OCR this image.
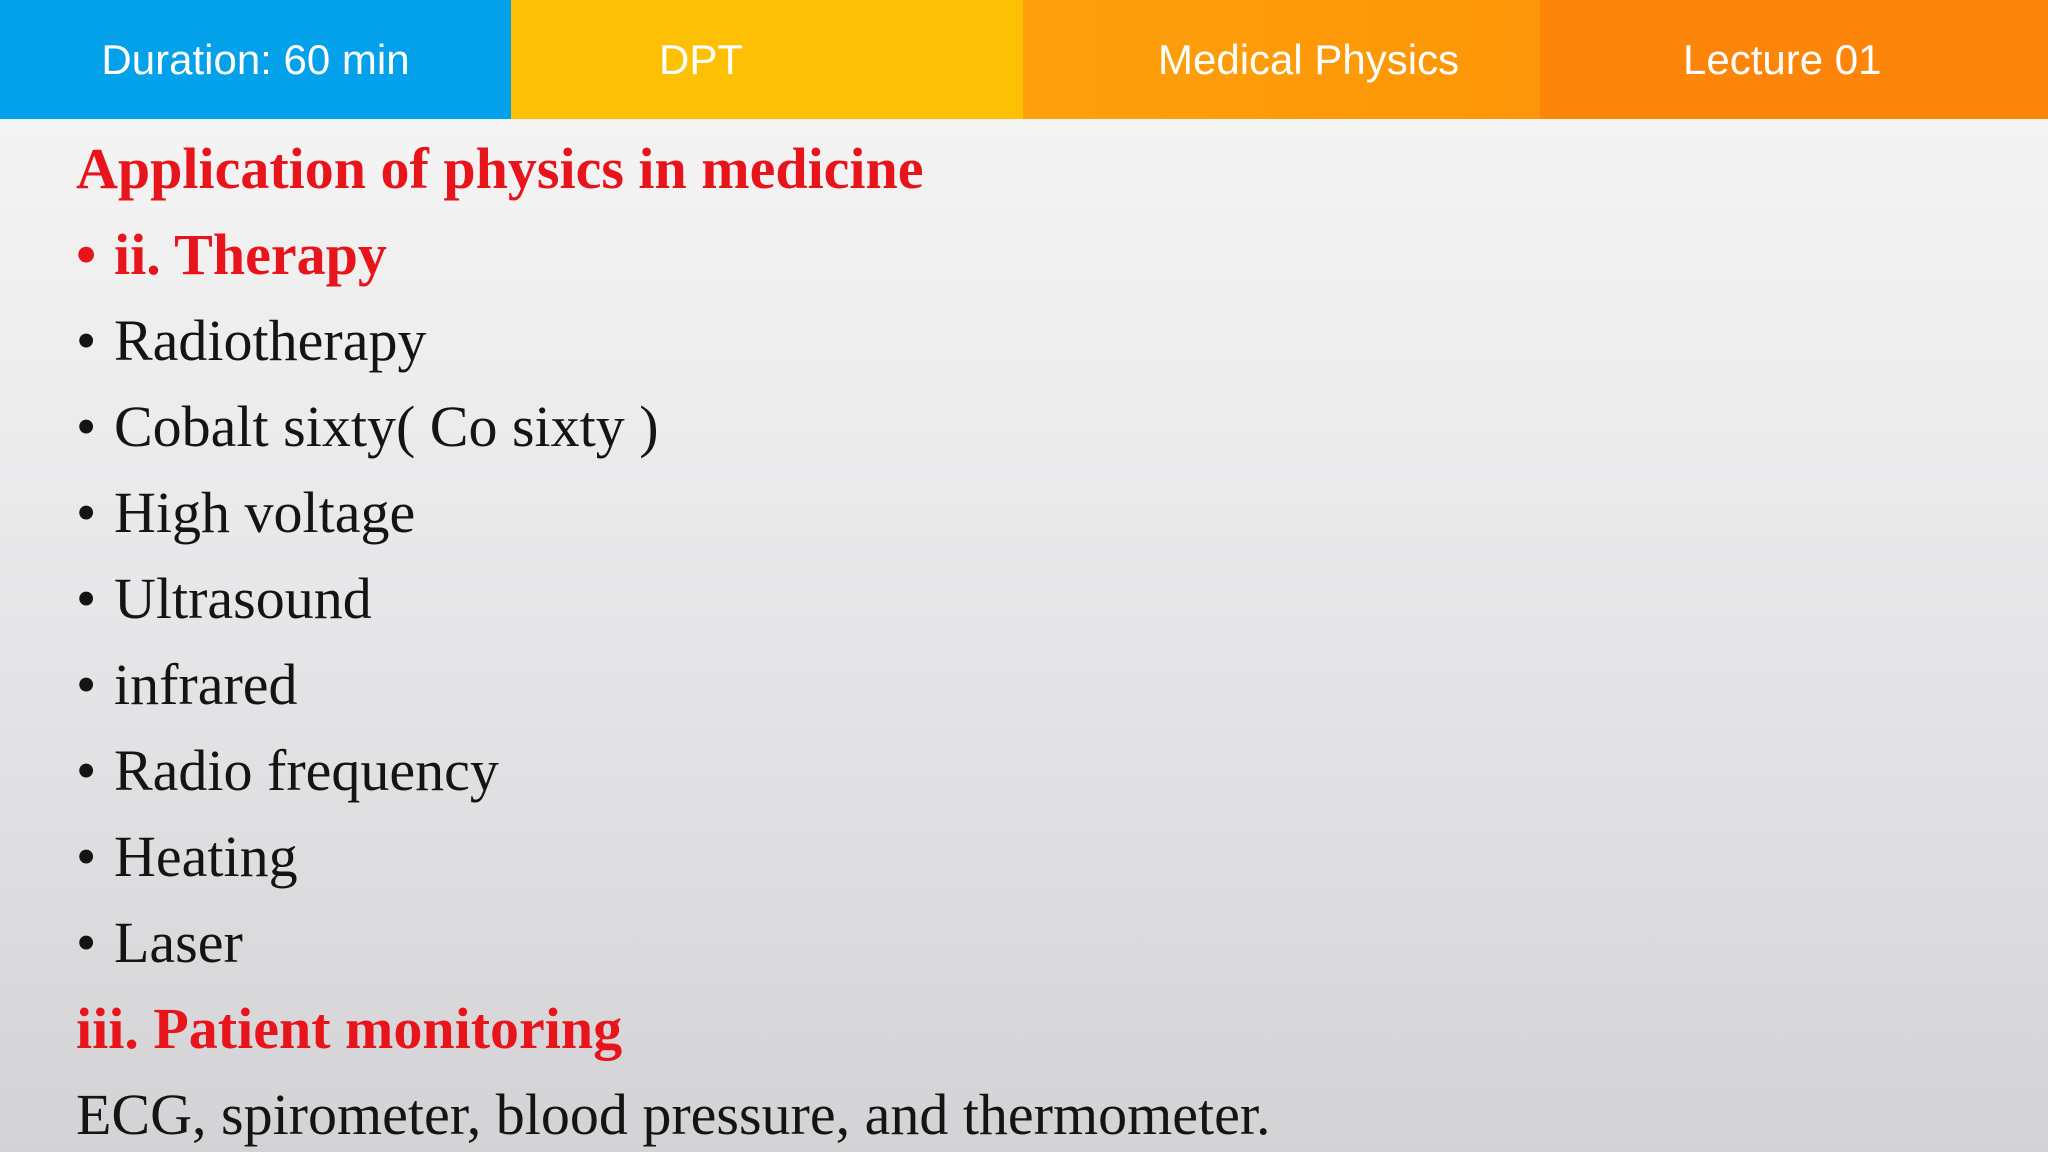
Duration: 60 min	DPT	Medical Physics	Lecture 01
Application of physics in medicine
• ii. Therapy
• Radiotherapy
• Cobalt sixty( Co sixty )
• High voltage
• Ultrasound
• infrared
• Radio frequency
• Heating
• Laser
iii. Patient monitoring
ECG, spirometer, blood pressure, and thermometer.
